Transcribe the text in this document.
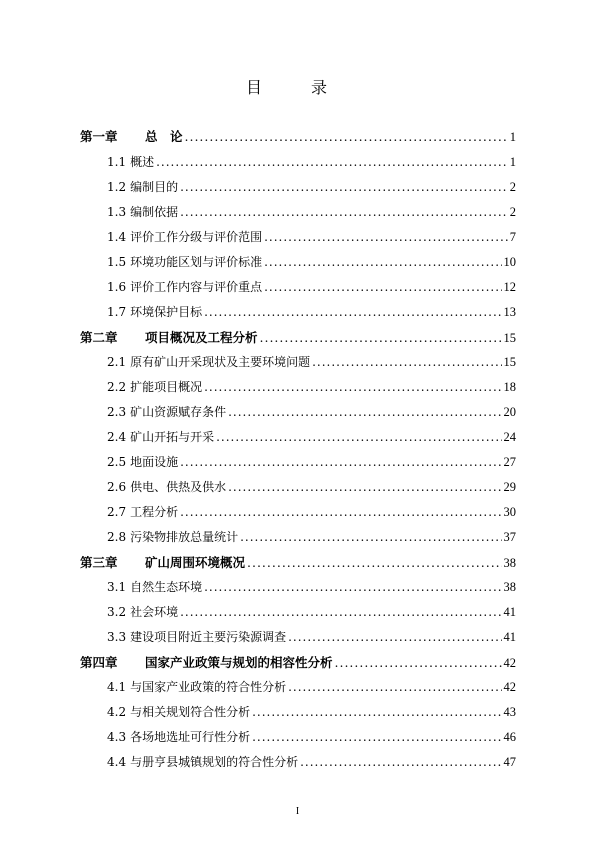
目 录
第一章 总　论 .....	1
1.1 概述 .....	1
1.2 编制目的 .....	2
1.3 编制依据 .....	2
1.4 评价工作分级与评价范围 .....	7
1.5 环境功能区划与评价标准 .....	10
1.6 评价工作内容与评价重点 .....	12
1.7 环境保护目标 .....	13
第二章 项目概况及工程分析 .....	15
2.1 原有矿山开采现状及主要环境问题 .....	15
2.2 扩能项目概况 .....	18
2.3 矿山资源赋存条件 .....	20
2.4 矿山开拓与开采 .....	24
2.5 地面设施 .....	27
2.6 供电、供热及供水 .....	29
2.7 工程分析 .....	30
2.8 污染物排放总量统计 .....	37
第三章 矿山周围环境概况 .....	38
3.1 自然生态环境 .....	38
3.2 社会环境 .....	41
3.3 建设项目附近主要污染源调查 .....	41
第四章 国家产业政策与规划的相容性分析 .....	42
4.1 与国家产业政策的符合性分析 .....	42
4.2 与相关规划符合性分析 .....	43
4.3 各场地选址可行性分析 .....	46
4.4 与册亨县城镇规划的符合性分析 .....	47
I
